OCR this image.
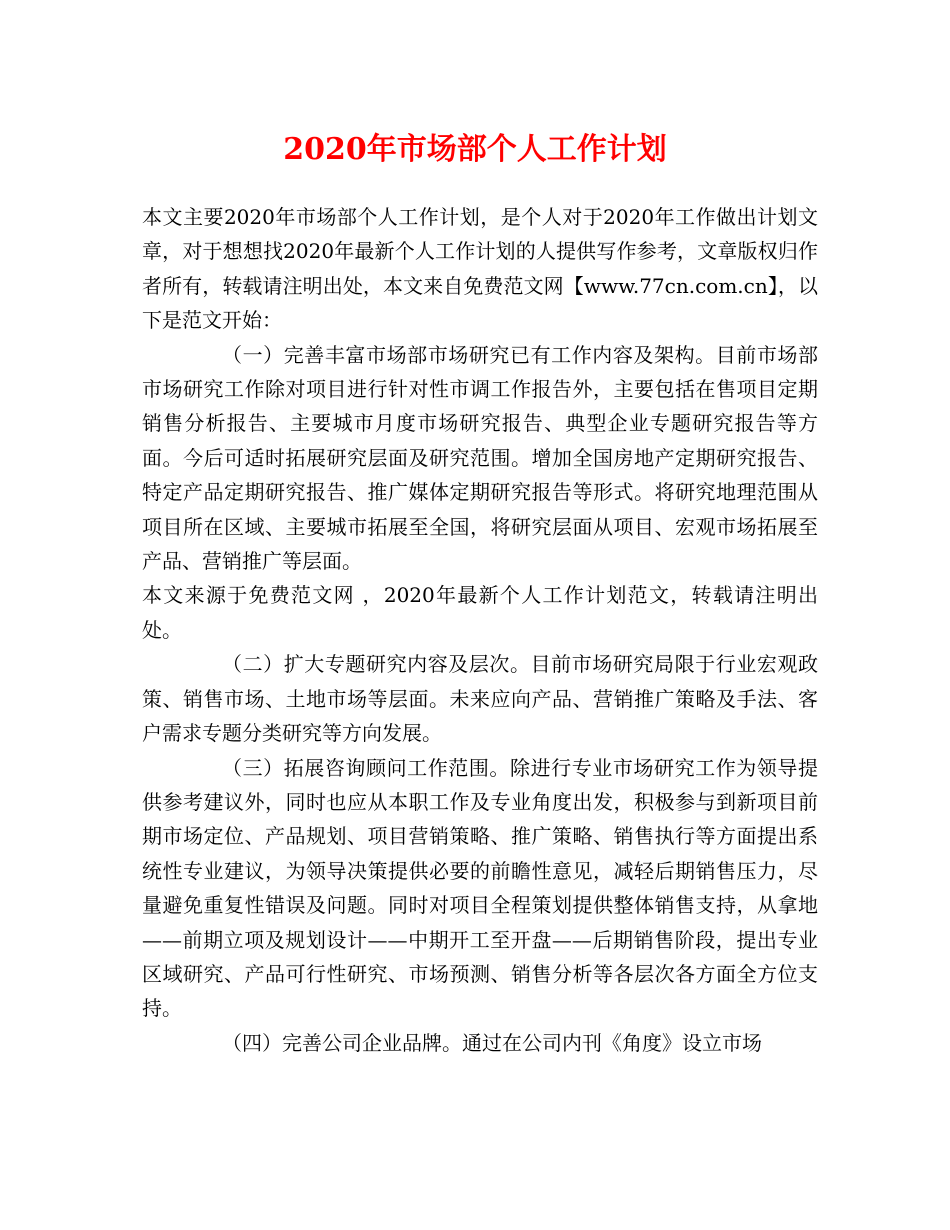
2020年市场部个人工作计划

本文主要2020年市场部个人工作计划，是个人对于2020年工作做出计划文章，对于想想找2020年最新个人工作计划的人提供写作参考，文章版权归作者所有，转载请注明出处，本文来自免费范文网【www.77cn.com.cn】，以下是范文开始：

（一）完善丰富市场部市场研究已有工作内容及架构。目前市场部市场研究工作除对项目进行针对性市调工作报告外，主要包括在售项目定期销售分析报告、主要城市月度市场研究报告、典型企业专题研究报告等方面。今后可适时拓展研究层面及研究范围。增加全国房地产定期研究报告、特定产品定期研究报告、推广媒体定期研究报告等形式。将研究地理范围从项目所在区域、主要城市拓展至全国，将研究层面从项目、宏观市场拓展至产品、营销推广等层面。

本文来源于免费范文网 ，2020年最新个人工作计划范文，转载请注明出处。

（二）扩大专题研究内容及层次。目前市场研究局限于行业宏观政策、销售市场、土地市场等层面。未来应向产品、营销推广策略及手法、客户需求专题分类研究等方向发展。

（三）拓展咨询顾问工作范围。除进行专业市场研究工作为领导提供参考建议外，同时也应从本职工作及专业角度出发，积极参与到新项目前期市场定位、产品规划、项目营销策略、推广策略、销售执行等方面提出系统性专业建议，为领导决策提供必要的前瞻性意见，减轻后期销售压力，尽量避免重复性错误及问题。同时对项目全程策划提供整体销售支持，从拿地——前期立项及规划设计——中期开工至开盘——后期销售阶段，提出专业区域研究、产品可行性研究、市场预测、销售分析等各层次各方面全方位支持。

（四）完善公司企业品牌。通过在公司内刊《角度》设立市场
